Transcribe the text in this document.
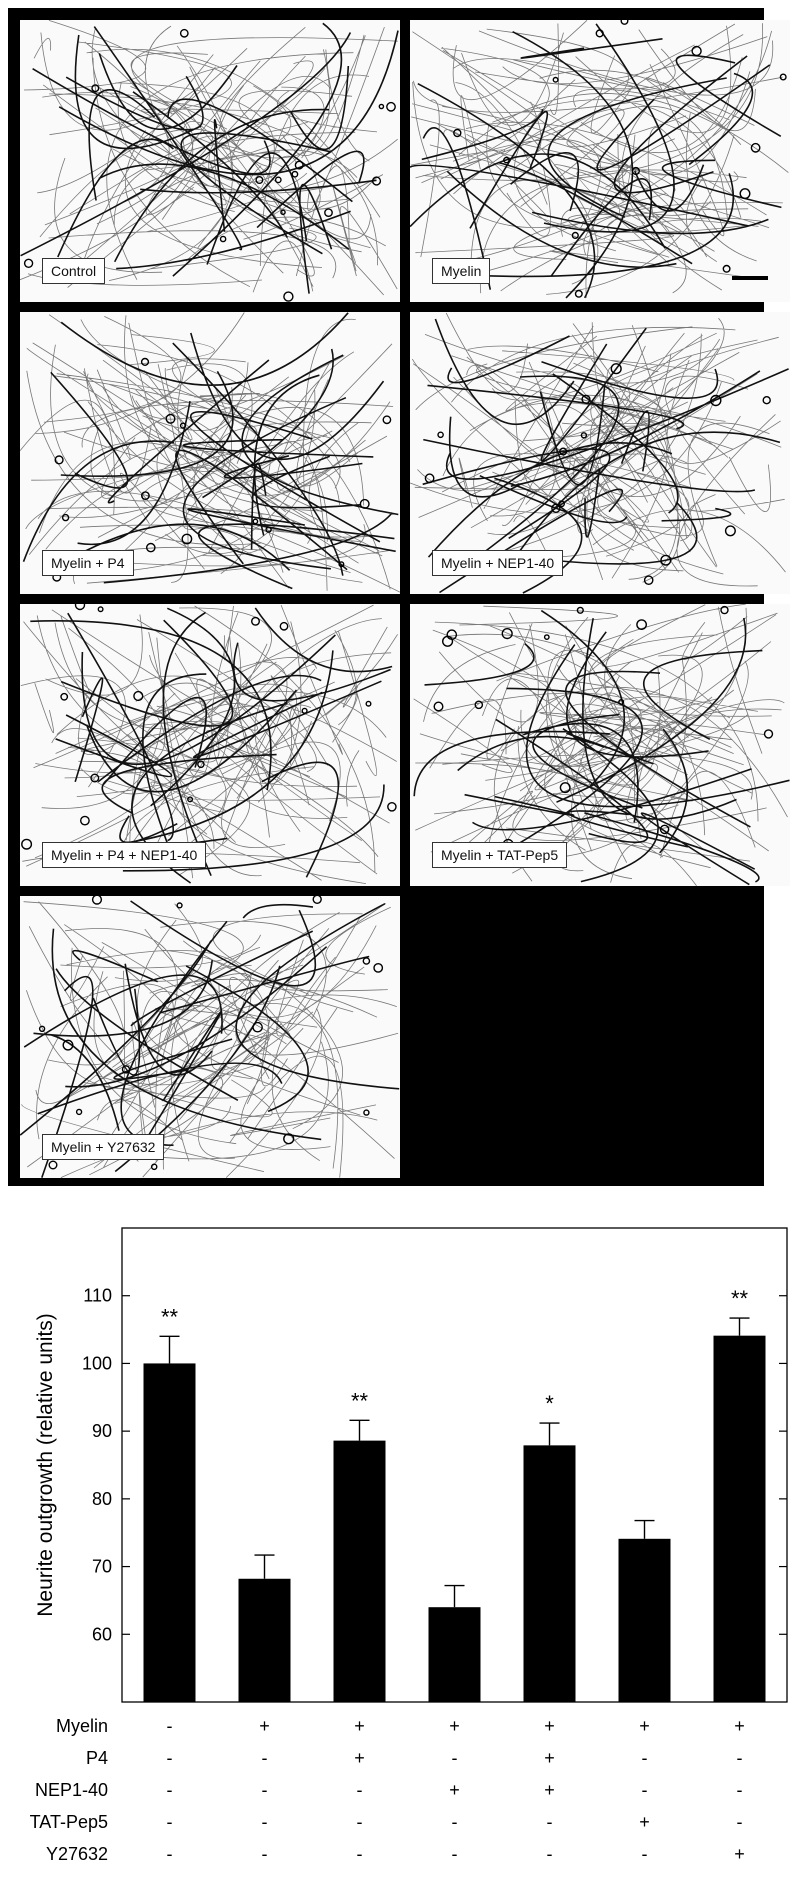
Control	Myelin
Myelin + P4	Myelin + NEP1-40
Myelin + P4 + NEP1-40	Myelin + TAT-Pep5
Myelin + Y27632
60
70
80
90
100
110
Neurite outgrowth (relative units)	**
**	*
**
Myelin	-	+	+	+	+	+	+
P4	-	-	+	-	+	-	-
NEP1-40	-	-	-	+	+	-	-
TAT-Pep5	-	-	-	-	-	+	-
Y27632	-	-	-	-	-	-	+
